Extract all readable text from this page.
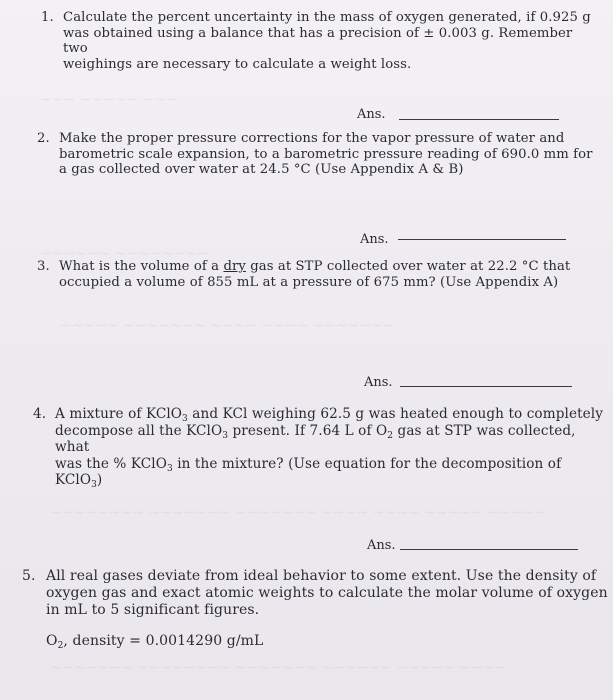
~~~ ~~~~~ ~~~
~~~~~~ ~~~~~~~~
~~~~~ ~~~~~~~ ~~~~ ~~~~ ~~~~~~~
~~~~~~~~ ~~~~~~~ ~~~~~~~ ~~~~ ~~~~ ~~~~~ ~~~~~
~~~~~~~ ~~~~~~~~ ~~~~~~~ ~~~~~~ ~~~~~ ~~~~
1. Calculate the percent uncertainty in the mass of oxygen generated, if 0.925 g
was obtained using a balance that has a precision of ± 0.003 g. Remember two
weighings are necessary to calculate a weight loss.
Ans.
2. Make the proper pressure corrections for the vapor pressure of water and
barometric scale expansion, to a barometric pressure reading of 690.0 mm for
a gas collected over water at 24.5 °C (Use Appendix A & B)
Ans.
3. What is the volume of a dry gas at STP collected over water at 22.2 °C that
occupied a volume of 855 mL at a pressure of 675 mm? (Use Appendix A)
Ans.
4. A mixture of KClO$_3$ and KCl weighing 62.5 g was heated enough to completely
decompose all the KClO$_3$ present. If 7.64 L of $O_2$ gas at STP was collected, what
was the % KClO$_3$ in the mixture? (Use equation for the decomposition of
KClO$_3$)
Ans.
5. All real gases deviate from ideal behavior to some extent. Use the density of
oxygen gas and exact atomic weights to calculate the molar volume of oxygen
in mL to 5 significant figures.
$O_2$, density = 0.0014290 g/mL
